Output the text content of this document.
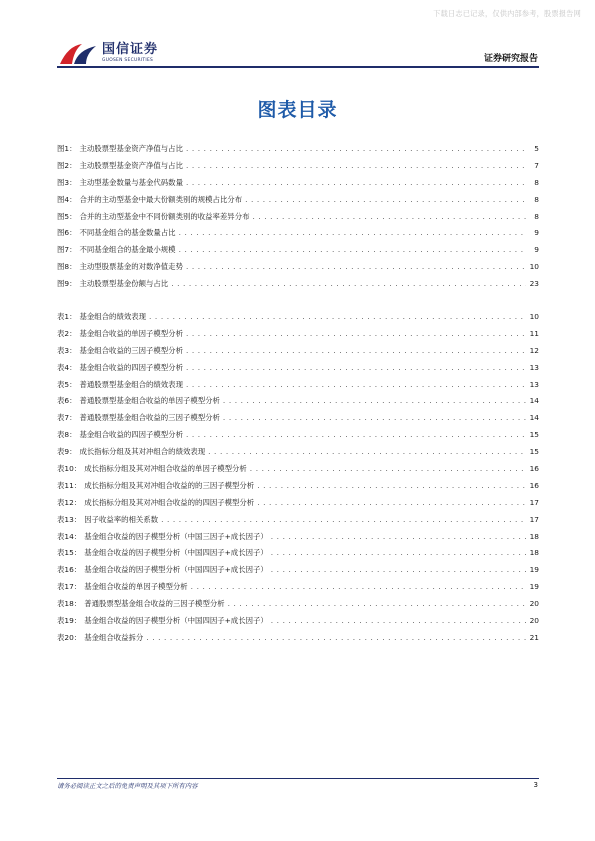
下载日志已记录，仅供内部参考，股票报告网
国信证券
GUOSEN SECURITIES	证券研究报告
图表目录
图1： 主动股票型基金资产净值与占比 . . .	5
图2： 主动股票型基金资产净值与占比 . . .	7
图3： 主动型基金数量与基金代码数量 . . .	8
图4： 合并的主动型基金中最大份额类别的规模占比分布 . . .	8
图5： 合并的主动型基金中不同份额类别的收益率差异分布 . . .	8
图6： 不同基金组合的基金数量占比 . . .	9
图7： 不同基金组合的基金最小规模 . . .	9
图8： 主动型股票基金的对数净值走势 . . .	10
图9： 主动股票型基金份额与占比 . . .	23
表1： 基金组合的绩效表现 . . .	10
表2： 基金组合收益的单因子模型分析 . . .	11
表3： 基金组合收益的三因子模型分析 . . .	12
表4： 基金组合收益的四因子模型分析 . . .	13
表5： 普通股票型基金组合的绩效表现 . . .	13
表6： 普通股票型基金组合收益的单因子模型分析 . . .	14
表7： 普通股票型基金组合收益的三因子模型分析 . . .	14
表8： 基金组合收益的四因子模型分析 . . .	15
表9： 成长指标分组及其对冲组合的绩效表现 . . .	15
表10： 成长指标分组及其对冲组合收益的单因子模型分析 . . .	16
表11： 成长指标分组及其对冲组合收益的的三因子模型分析 . . .	16
表12： 成长指标分组及其对冲组合收益的的四因子模型分析 . . .	17
表13： 因子收益率的相关系数 . . .	17
表14： 基金组合收益的因子模型分析（中国三因子+成长因子） . . .	18
表15： 基金组合收益的因子模型分析（中国四因子+成长因子） . . .	18
表16： 基金组合收益的因子模型分析（中国四因子+成长因子） . . .	19
表17： 基金组合收益的单因子模型分析 . . .	19
表18： 普通股票型基金组合收益的三因子模型分析 . . .	20
表19： 基金组合收益的因子模型分析（中国四因子+成长因子） . . .	20
表20： 基金组合收益拆分 . . .	21
请务必阅读正文之后的免责声明及其项下所有内容	3
